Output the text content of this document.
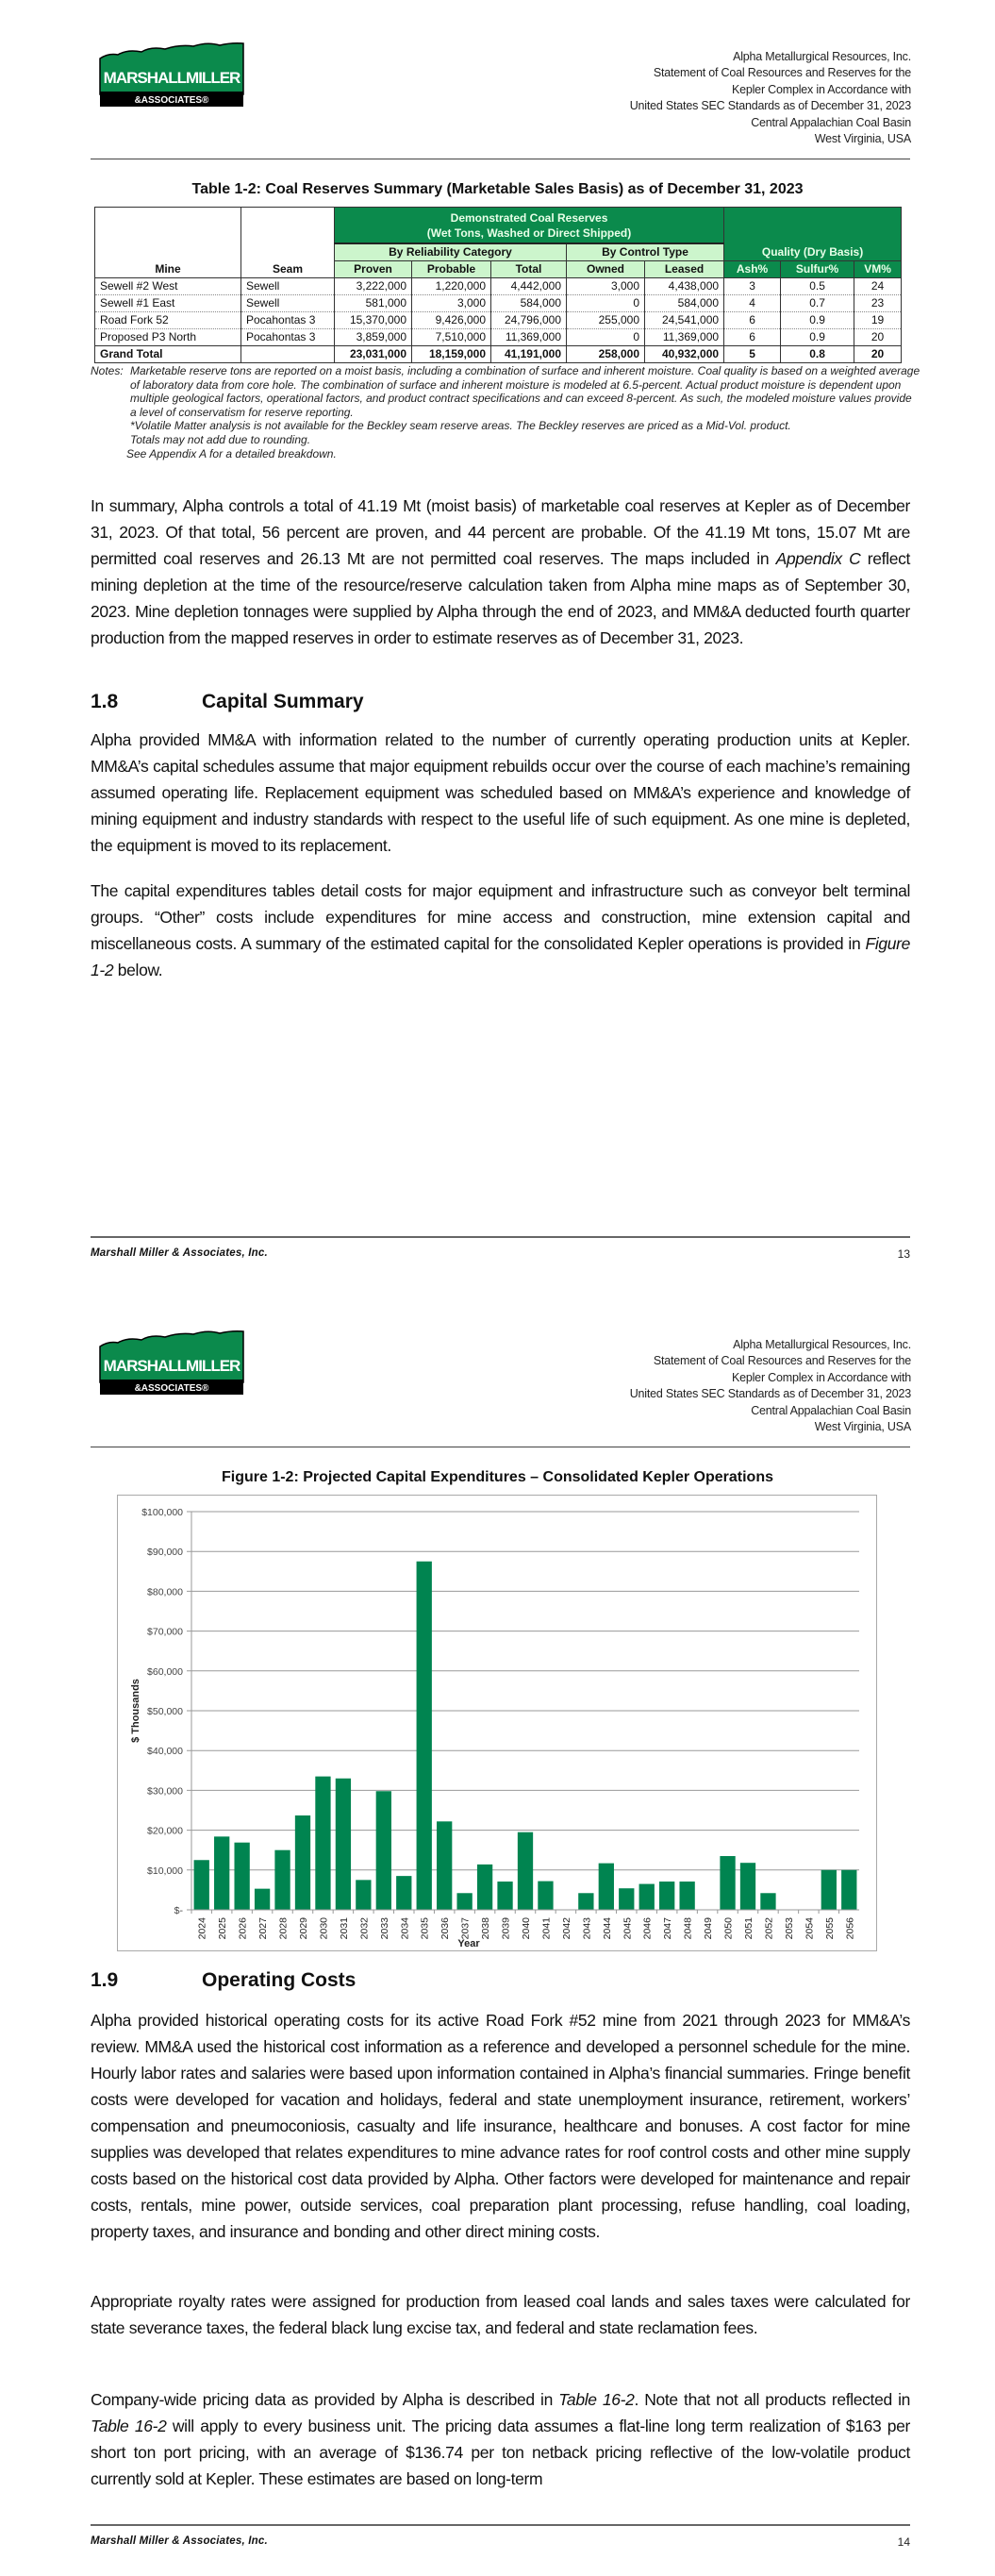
MARSHALLMILLER
&ASSOCIATES®
Alpha Metallurgical Resources, Inc.
Statement of Coal Resources and Reserves for the
Kepler Complex in Accordance with
United States SEC Standards as of December 31, 2023
Central Appalachian Coal Basin
West Virginia, USA
Table 1-2: Coal Reserves Summary (Marketable Sales Basis) as of December 31, 2023
Mine	Seam	Demonstrated Coal Reserves
(Wet Tons, Washed or Direct Shipped)					Quality (Dry Basis)		
		By Reliability Category			By Control Type				
		Proven	Probable	Total	Owned	Leased	Ash%	Sulfur%	VM%
Sewell #2 West	Sewell	3,222,000	1,220,000	4,442,000	3,000	4,438,000	3	0.5	24
Sewell #1 East	Sewell	581,000	3,000	584,000	0	584,000	4	0.7	23
Road Fork 52	Pocahontas 3	15,370,000	9,426,000	24,796,000	255,000	24,541,000	6	0.9	19
Proposed P3 North	Pocahontas 3	3,859,000	7,510,000	11,369,000	0	11,369,000	6	0.9	20
Grand Total		23,031,000	18,159,000	41,191,000	258,000	40,932,000	5	0.8	20
Notes: Marketable reserve tons are reported on a moist basis, including a combination of surface and inherent moisture. Coal quality is based on a weighted average of laboratory data from core hole. The combination of surface and inherent moisture is modeled at 6.5-percent. Actual product moisture is dependent upon multiple geological factors, operational factors, and product contract specifications and can exceed 8-percent. As such, the modeled moisture values provide a level of conservatism for reserve reporting.
*Volatile Matter analysis is not available for the Beckley seam reserve areas. The Beckley reserves are priced as a Mid-Vol. product.
Totals may not add due to rounding.
See Appendix A for a detailed breakdown.
In summary, Alpha controls a total of 41.19 Mt (moist basis) of marketable coal reserves at Kepler as of December 31, 2023. Of that total, 56 percent are proven, and 44 percent are probable. Of the 41.19 Mt tons, 15.07 Mt are permitted coal reserves and 26.13 Mt are not permitted coal reserves. The maps included in Appendix C reflect mining depletion at the time of the resource/reserve calculation taken from Alpha mine maps as of September 30, 2023. Mine depletion tonnages were supplied by Alpha through the end of 2023, and MM&A deducted fourth quarter production from the mapped reserves in order to estimate reserves as of December 31, 2023.
1.8	Capital Summary
Alpha provided MM&A with information related to the number of currently operating production units at Kepler. MM&A’s capital schedules assume that major equipment rebuilds occur over the course of each machine’s remaining assumed operating life. Replacement equipment was scheduled based on MM&A’s experience and knowledge of mining equipment and industry standards with respect to the useful life of such equipment. As one mine is depleted, the equipment is moved to its replacement.
The capital expenditures tables detail costs for major equipment and infrastructure such as conveyor belt terminal groups. “Other” costs include expenditures for mine access and construction, mine extension capital and miscellaneous costs. A summary of the estimated capital for the consolidated Kepler operations is provided in Figure 1-2 below.
Marshall Miller & Associates, Inc.	13
MARSHALLMILLER
&ASSOCIATES®
Alpha Metallurgical Resources, Inc.
Statement of Coal Resources and Reserves for the
Kepler Complex in Accordance with
United States SEC Standards as of December 31, 2023
Central Appalachian Coal Basin
West Virginia, USA
Figure 1-2: Projected Capital Expenditures – Consolidated Kepler Operations
$-
$10,000
$20,000
$30,000
$40,000
$50,000
$60,000
$70,000
$80,000
$90,000
$100,000
2024 2025 2026 2027 2028 2029 2030 2031 2032 2033 2034 2035 2036 2037 2038 2039 2040 2041 2042 2043 2044 2045 2046 2047 2048 2049 2050 2051 2052 2053 2054 2055 2056
Year
$ Thousands
1.9	Operating Costs
Alpha provided historical operating costs for its active Road Fork #52 mine from 2021 through 2023 for MM&A’s review. MM&A used the historical cost information as a reference and developed a personnel schedule for the mine. Hourly labor rates and salaries were based upon information contained in Alpha’s financial summaries. Fringe benefit costs were developed for vacation and holidays, federal and state unemployment insurance, retirement, workers’ compensation and pneumoconiosis, casualty and life insurance, healthcare and bonuses. A cost factor for mine supplies was developed that relates expenditures to mine advance rates for roof control costs and other mine supply costs based on the historical cost data provided by Alpha. Other factors were developed for maintenance and repair costs, rentals, mine power, outside services, coal preparation plant processing, refuse handling, coal loading, property taxes, and insurance and bonding and other direct mining costs.
Appropriate royalty rates were assigned for production from leased coal lands and sales taxes were calculated for state severance taxes, the federal black lung excise tax, and federal and state reclamation fees.
Company-wide pricing data as provided by Alpha is described in Table 16-2. Note that not all products reflected in Table 16-2 will apply to every business unit. The pricing data assumes a flat-line long term realization of $163 per short ton port pricing, with an average of $136.74 per ton netback pricing reflective of the low-volatile product currently sold at Kepler. These estimates are based on long-term
Marshall Miller & Associates, Inc.	14
